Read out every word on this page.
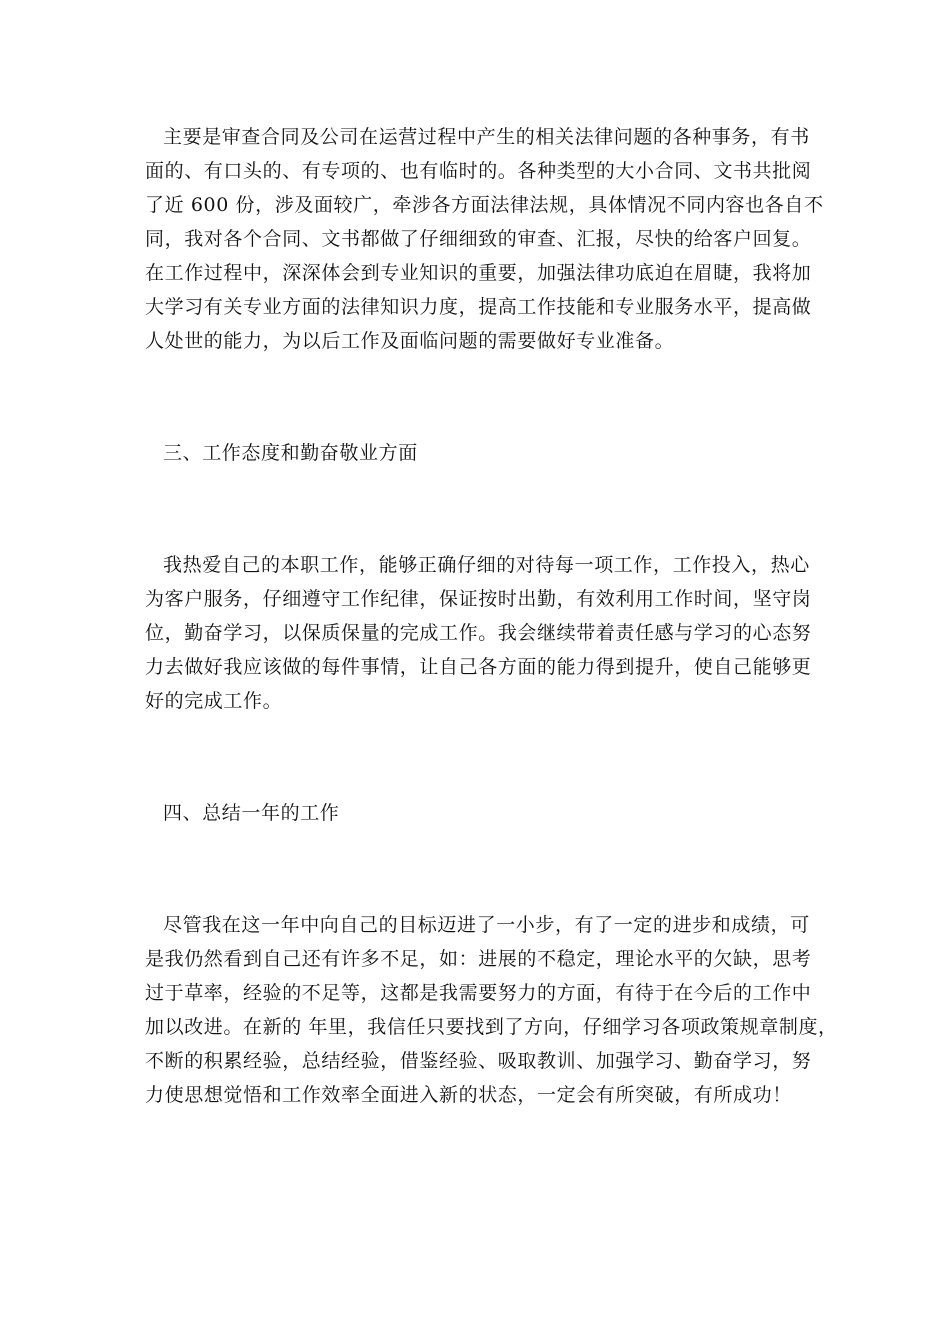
主要是审查合同及公司在运营过程中产生的相关法律问题的各种事务，有书
面的、有口头的、有专项的、也有临时的。各种类型的大小合同、文书共批阅
了近 600 份，涉及面较广，牵涉各方面法律法规，具体情况不同内容也各自不
同，我对各个合同、文书都做了仔细细致的审查、汇报，尽快的给客户回复。
在工作过程中，深深体会到专业知识的重要，加强法律功底迫在眉睫，我将加
大学习有关专业方面的法律知识力度，提高工作技能和专业服务水平，提高做
人处世的能力，为以后工作及面临问题的需要做好专业准备。
三、工作态度和勤奋敬业方面
我热爱自己的本职工作，能够正确仔细的对待每一项工作，工作投入，热心
为客户服务，仔细遵守工作纪律，保证按时出勤，有效利用工作时间，坚守岗
位，勤奋学习，以保质保量的完成工作。我会继续带着责任感与学习的心态努
力去做好我应该做的每件事情，让自己各方面的能力得到提升，使自己能够更
好的完成工作。
四、总结一年的工作
尽管我在这一年中向自己的目标迈进了一小步，有了一定的进步和成绩，可
是我仍然看到自己还有许多不足，如：进展的不稳定，理论水平的欠缺，思考
过于草率，经验的不足等，这都是我需要努力的方面，有待于在今后的工作中
加以改进。在新的 年里，我信任只要找到了方向，仔细学习各项政策规章制度，
不断的积累经验，总结经验，借鉴经验、吸取教训、加强学习、勤奋学习，努
力使思想觉悟和工作效率全面进入新的状态，一定会有所突破，有所成功！
